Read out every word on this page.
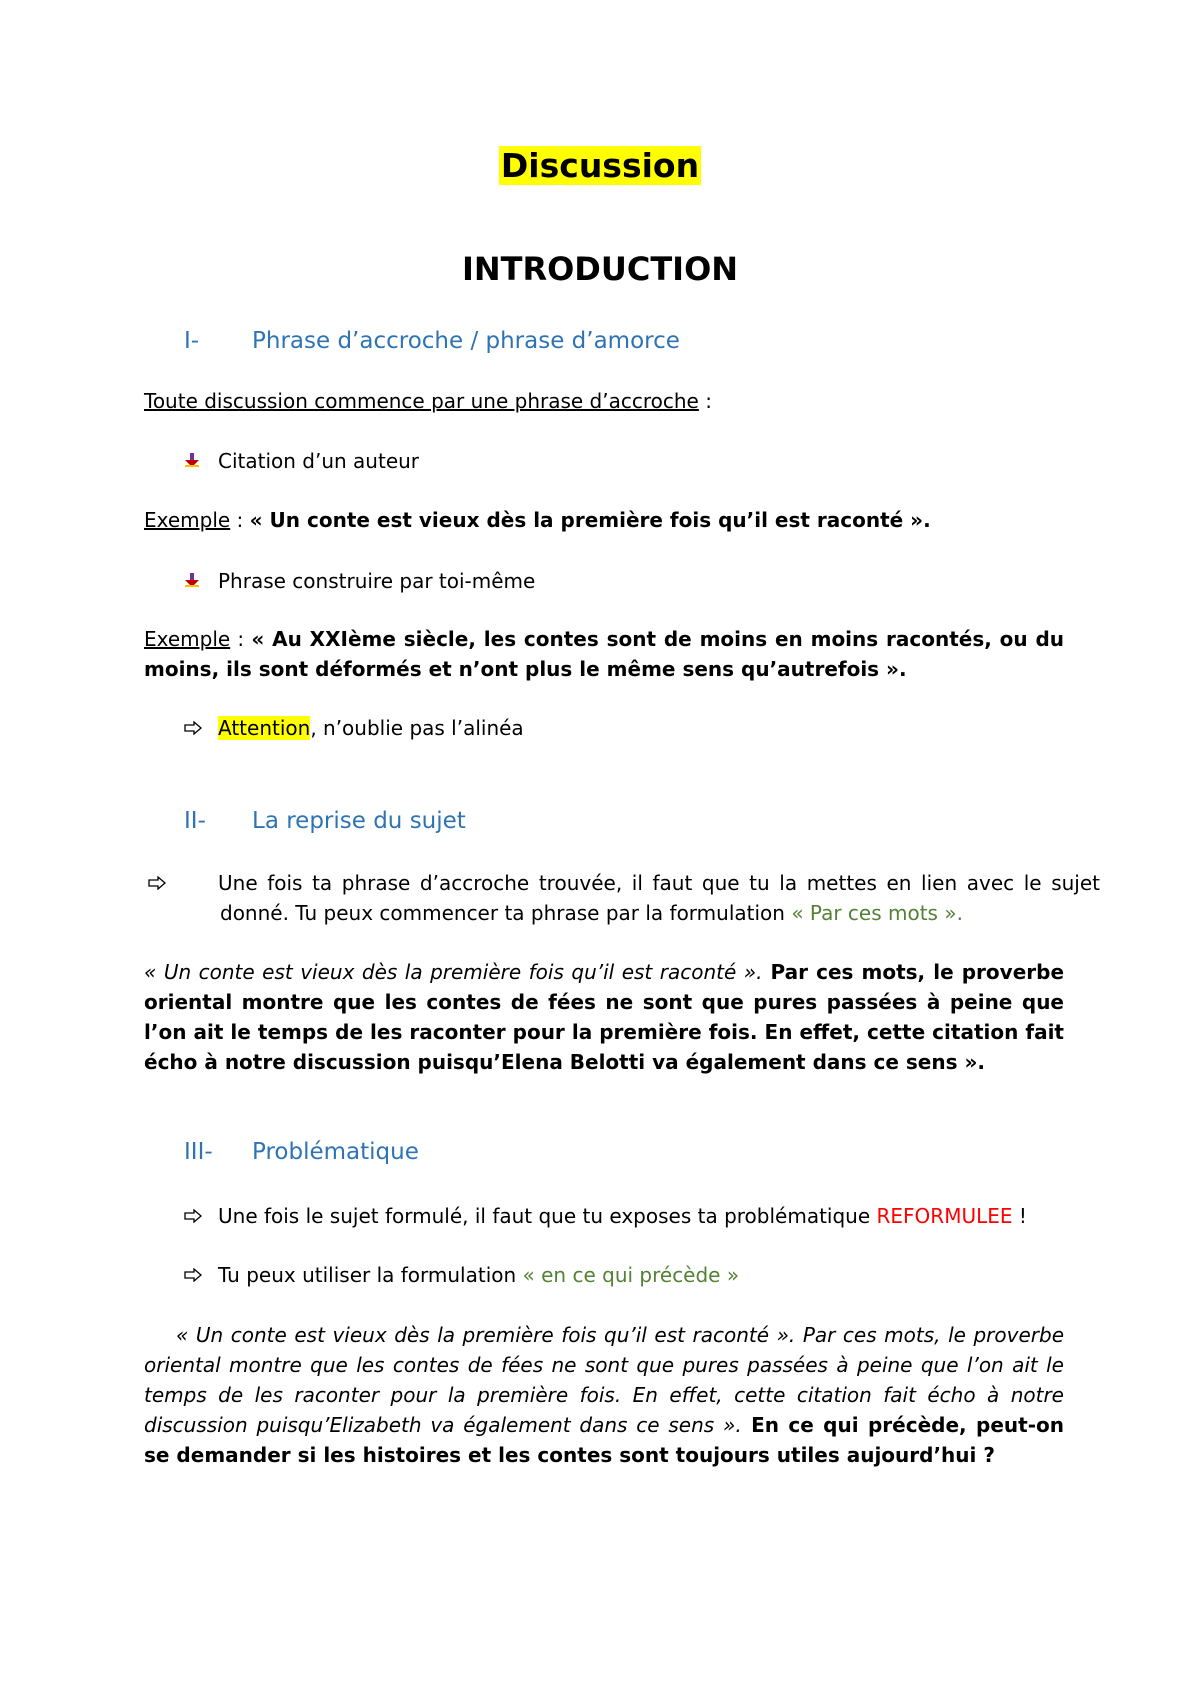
Discussion
INTRODUCTION
I- Phrase d’accroche / phrase d’amorce
Toute discussion commence par une phrase d’accroche :
Citation d’un auteur
Exemple : « Un conte est vieux dès la première fois qu’il est raconté ».
Phrase construire par toi-même
Exemple : « Au XXIème siècle, les contes sont de moins en moins racontés, ou du moins, ils sont déformés et n’ont plus le même sens qu’autrefois ».
Attention, n’oublie pas l’alinéa
II- La reprise du sujet
Une fois ta phrase d’accroche trouvée, il faut que tu la mettes en lien avec le sujet donné. Tu peux commencer ta phrase par la formulation « Par ces mots ».
« Un conte est vieux dès la première fois qu’il est raconté ». Par ces mots, le proverbe oriental montre que les contes de fées ne sont que pures passées à peine que l’on ait le temps de les raconter pour la première fois. En effet, cette citation fait écho à notre discussion puisqu’Elena Belotti va également dans ce sens ».
III- Problématique
Une fois le sujet formulé, il faut que tu exposes ta problématique REFORMULEE !
Tu peux utiliser la formulation « en ce qui précède »
« Un conte est vieux dès la première fois qu’il est raconté ». Par ces mots, le proverbe oriental montre que les contes de fées ne sont que pures passées à peine que l’on ait le temps de les raconter pour la première fois. En effet, cette citation fait écho à notre discussion puisqu’Elizabeth va également dans ce sens ». En ce qui précède, peut-on se demander si les histoires et les contes sont toujours utiles aujourd’hui ?
